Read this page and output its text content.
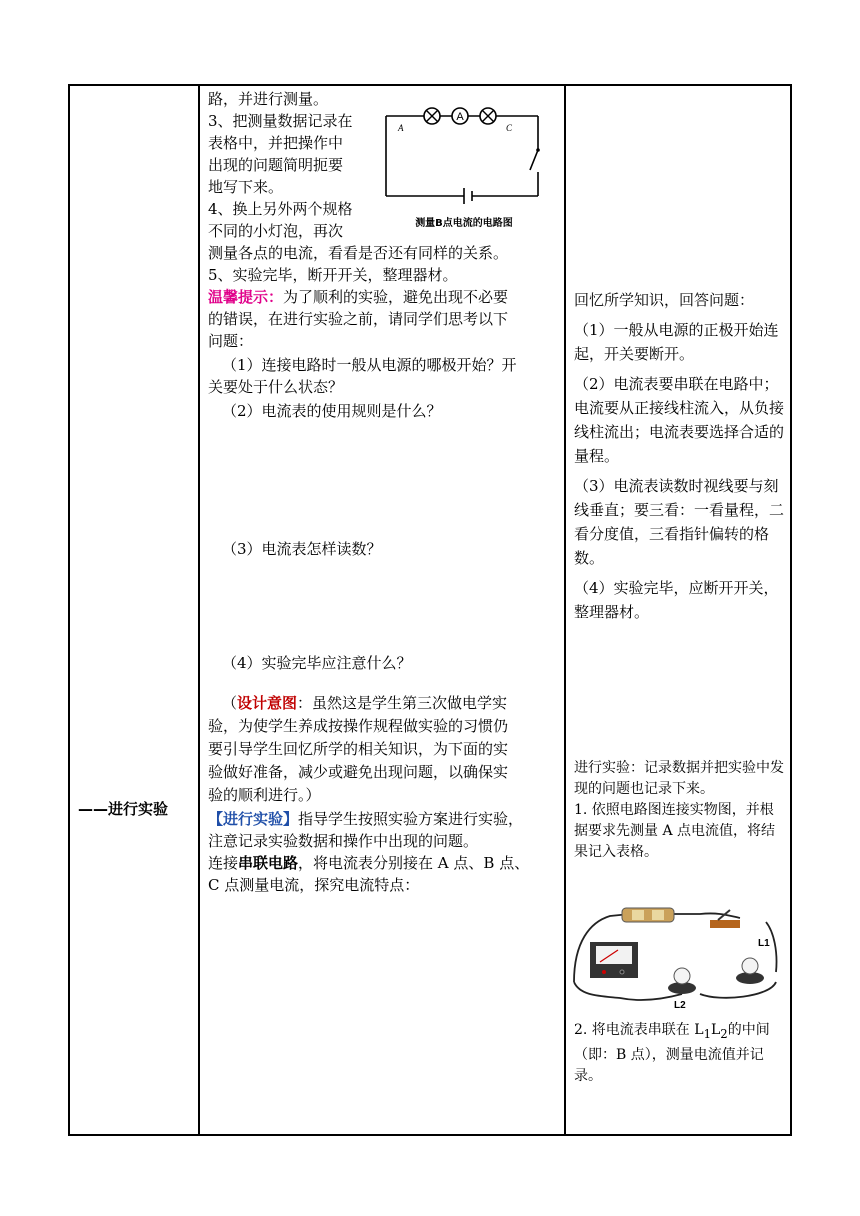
——进行实验
路，并进行测量。
3、把测量数据记录在
表格中，并把操作中
出现的问题简明扼要
地写下来。
4、换上另外两个规格
不同的小灯泡，再次
测量各点的电流，看看是否还有同样的关系。
5、实验完毕，断开开关，整理器材。
温馨提示：为了顺利的实验，避免出现不必要
的错误，在进行实验之前，请同学们思考以下
问题：
（1）连接电路时一般从电源的哪极开始？开
关要处于什么状态？
（2）电流表的使用规则是什么？
（3）电流表怎样读数？
（4）实验完毕应注意什么？
（设计意图：虽然这是学生第三次做电学实
验，为使学生养成按操作规程做实验的习惯仍
要引导学生回忆所学的相关知识，为下面的实
验做好准备，减少或避免出现问题，以确保实
验的顺利进行。）
【进行实验】指导学生按照实验方案进行实验，
注意记录实验数据和操作中出现的问题。
连接串联电路，将电流表分别接在 A 点、B 点、
C 点测量电流，探究电流特点：
A
A	C
测量B点电流的电路图

回忆所学知识，回答问题：

（1）一般从电源的正极开始连起，开关要断开。

（2）电流表要串联在电路中；电流要从正接线柱流入，从负接线柱流出；电流表要选择合适的量程。

（3）电流表读数时视线要与刻线垂直；要三看：一看量程，二看分度值，三看指针偏转的格数。

（4）实验完毕，应断开开关，整理器材。

进行实验：记录数据并把实验中发现的问题也记录下来。

1. 依照电路图连接实物图，并根据要求先测量 A 点电流值，将结果记入表格。

L1
L2

2. 将电流表串联在 $L_1L_2$的中间（即：B 点），测量电流值并记录。
